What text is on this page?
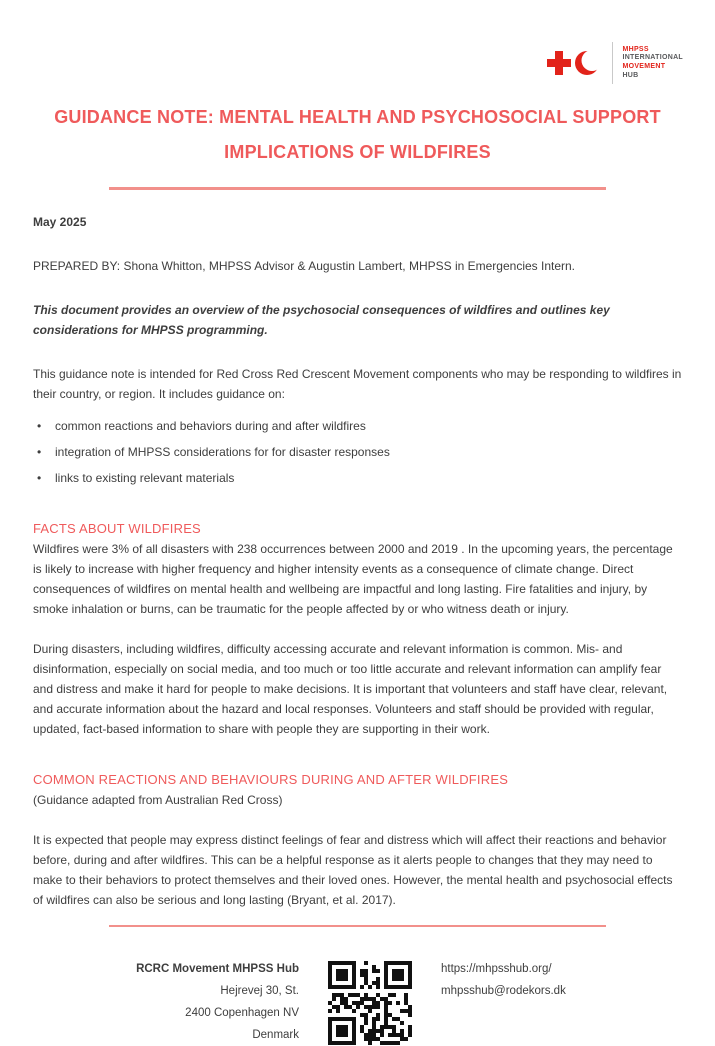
MHPSS
INTERNATIONAL
MOVEMENT
HUB
GUIDANCE NOTE: MENTAL HEALTH AND PSYCHOSOCIAL SUPPORT
IMPLICATIONS OF WILDFIRES

May 2025

PREPARED BY: Shona Whitton, MHPSS Advisor & Augustin Lambert, MHPSS in Emergencies Intern.

This document provides an overview of the psychosocial consequences of wildfires and outlines key considerations for MHPSS programming.

This guidance note is intended for Red Cross Red Crescent Movement components who may be responding to wildfires in their country, or region. It includes guidance on:

•	common reactions and behaviors during and after wildfires
•	integration of MHPSS considerations for for disaster responses
•	links to existing relevant materials
FACTS ABOUT WILDFIRES

Wildfires were 3% of all disasters with 238 occurrences between 2000 and 2019 . In the upcoming years, the percentage is likely to increase with higher frequency and higher intensity events as a consequence of climate change. Direct consequences of wildfires on mental health and wellbeing are impactful and long lasting. Fire fatalities and injury, by smoke inhalation or burns, can be traumatic for the people affected by or who witness death or injury.

During disasters, including wildfires, difficulty accessing accurate and relevant information is common. Mis- and disinformation, especially on social media, and too much or too little accurate and relevant information can amplify fear and distress and make it hard for people to make decisions. It is important that volunteers and staff have clear, relevant, and accurate information about the hazard and local responses. Volunteers and staff should be provided with regular, updated, fact-based information to share with people they are supporting in their work.

COMMON REACTIONS AND BEHAVIOURS DURING AND AFTER WILDFIRES

(Guidance adapted from Australian Red Cross)

It is expected that people may express distinct feelings of fear and distress which will affect their reactions and behavior before, during and after wildfires. This can be a helpful response as it alerts people to changes that they may need to make to their behaviors to protect themselves and their loved ones. However, the mental health and psychosocial effects of wildfires can also be serious and long lasting (Bryant, et al. 2017).

RCRC Movement MHPSS Hub
Hejrevej 30, St.
2400 Copenhagen NV
Denmark
https://mhpsshub.org/
mhpsshub@rodekors.dk
